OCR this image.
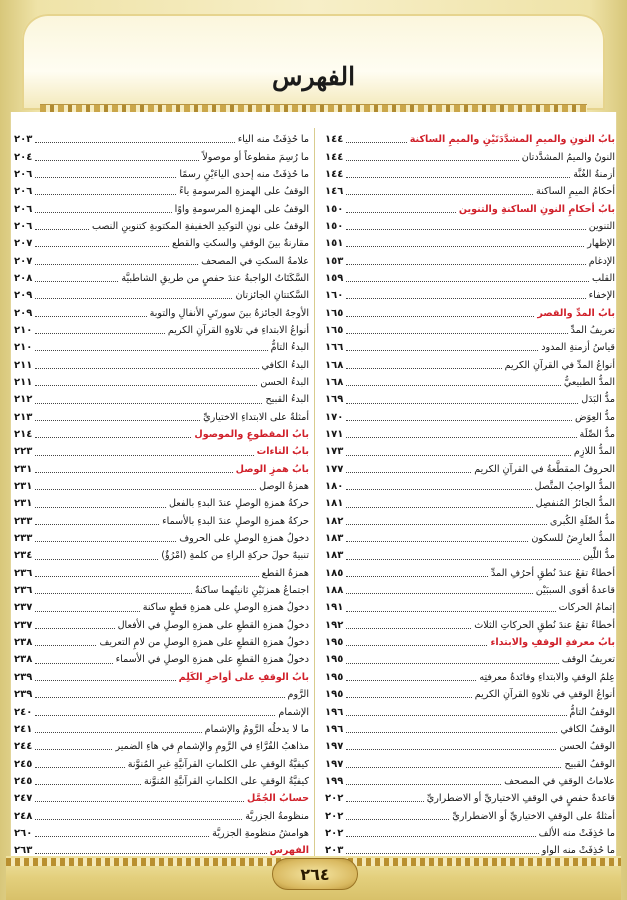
الفهرس
بابُ النونِ والميمِ المشدَّدَتَيْنِ والميمِ الساكنة
١٤٤
النونُ والميمُ المشدَّدتان
١٤٤
أزمنةُ الغُنَّة
١٤٤
أحكامُ الميمِ الساكنة
١٤٦
بابُ أحكامِ النونِ الساكنةِ والتنوين
١٥٠
التنوين
١٥٠
الإظهار
١٥١
الإدغام
١٥٣
القلب
١٥٩
الإخفاء
١٦٠
بابُ المدِّ والقصر
١٦٥
تعريفُ المدِّ
١٦٥
قياسُ أزمنةِ المدود
١٦٦
أنواعُ المدِّ في القرآنِ الكريم
١٦٨
المدُّ الطبيعيُّ
١٦٨
مدُّ البَدَل
١٦٩
مدُّ العِوَض
١٧٠
مدُّ الصِّلَة
١٧١
المدُّ اللازِم
١٧٣
الحروفُ المقطَّعةُ في القرآنِ الكريم
١٧٧
المدُّ الواجبُ المتَّصل
١٨٠
المدُّ الجائزُ المُنفصِل
١٨١
مدُّ الصِّلَةِ الكُبرى
١٨٢
المدُّ العارِضُ للسكون
١٨٣
مدُّ اللِّين
١٨٣
أخطاءٌ تقعُ عندَ نُطقِ أحرُفِ المدِّ
١٨٥
قاعدةُ أقوى السببَيْن
١٨٨
إتمامُ الحركات
١٩١
أخطاءٌ تقعُ عندَ نُطقِ الحركاتِ الثلاث
١٩٢
بابُ معرفةِ الوقفِ والابتداء
١٩٥
تعريفُ الوقف
١٩٥
عِلمُ الوقفِ والابتداءِ وفائدةُ معرفتِه
١٩٥
أنواعُ الوقفِ في تلاوةِ القرآنِ الكريم
١٩٥
الوقفُ التامُّ
١٩٦
الوقفُ الكافي
١٩٦
الوقفُ الحسن
١٩٧
الوقفُ القبيح
١٩٧
علاماتُ الوقفِ في المصحف
١٩٩
قاعدةٌ حفصٍ في الوقفِ الاختياريِّ أو الاضطراريِّ
٢٠٢
أمثلةٌ على الوقفِ الاختياريِّ أو الاضطراريِّ
٢٠٢
ما حُذِفَتْ منه الألف
٢٠٢
ما حُذِفَتْ منه الواو
٢٠٣
ما حُذِفَتْ منه الياء
٢٠٣
ما رُسِمَ مقطوعاً أو موصولاً
٢٠٤
ما حُذِفَتْ منه إحدى الياءَيْنِ رسمًا
٢٠٦
الوقفُ على الهمزةِ المرسومةِ ياءً
٢٠٦
الوقفُ على الهمزةِ المرسومةِ واوًا
٢٠٦
الوقفُ على نونِ التوكيدِ الخفيفةِ المكتوبةِ كتنوينِ النصب
٢٠٦
مقارنةٌ بينَ الوقفِ والسكتِ والقطع
٢٠٧
علامةُ السكتِ في المصحف
٢٠٧
السَّكَتَاتُ الواجبةُ عندَ حفصٍ من طريقِ الشاطبيَّة
٢٠٨
السَّكتتانِ الجائزتان
٢٠٩
الأوجهُ الجائزةُ بينَ سورتَيِ الأنفالِ والتوبة
٢٠٩
أنواعُ الابتداءِ في تلاوةِ القرآنِ الكريم
٢١٠
البدءُ التامُّ
٢١٠
البدءُ الكافي
٢١١
البدءُ الحسن
٢١١
البدءُ القبيح
٢١٢
أمثلةٌ على الابتداءِ الاختياريِّ
٢١٣
بابُ المقطوعِ والموصول
٢١٤
بابُ التاءات
٢٢٣
بابُ همزِ الوصل
٢٣١
همزةُ الوصل
٢٣١
حركةُ همزةِ الوصلِ عندَ البدءِ بالفعل
٢٣١
حركةُ همزةِ الوصلِ عندَ البدءِ بالأسماء
٢٣٣
دخولُ همزةِ الوصلِ على الحروف
٢٣٣
تنبيهٌ حولَ حركةِ الراءِ من كلمةِ (امْرُؤٌ)
٢٣٤
همزةُ القطع
٢٣٦
اجتماعُ همزتَيْنِ ثانيتُهما ساكنةٌ
٢٣٦
دخولُ همزةِ الوصلِ على همزةِ قطعٍ ساكنة
٢٣٧
دخولُ همزةِ القطعِ على همزةِ الوصلِ في الأفعال
٢٣٧
دخولُ همزةِ القطعِ على همزةِ الوصلِ من لامِ التعريف
٢٣٨
دخولُ همزةِ القطعِ على همزةِ الوصلِ في الأسماء
٢٣٨
بابُ الوقفِ على أواخرِ الكَلِم
٢٣٩
الرَّوم
٢٣٩
الإشمام
٢٤٠
ما لا يدخلُه الرَّومُ والإشمام
٢٤١
مذاهبُ القُرَّاءِ في الرَّومِ والإشمامِ في هاءِ الضمير
٢٤٤
كيفيَّةُ الوقفِ على الكلماتِ القرآنيَّةِ غيرِ المُنوَّنة
٢٤٥
كيفيَّةُ الوقفِ على الكلماتِ القرآنيَّةِ المُنوَّنة
٢٤٥
حسابُ الجُمَّل
٢٤٧
منظومةُ الجزريَّة
٢٤٨
هوامشُ منظومةِ الجزريَّة
٢٦٠
الفهرس
٢٦٣
٢٦٤
